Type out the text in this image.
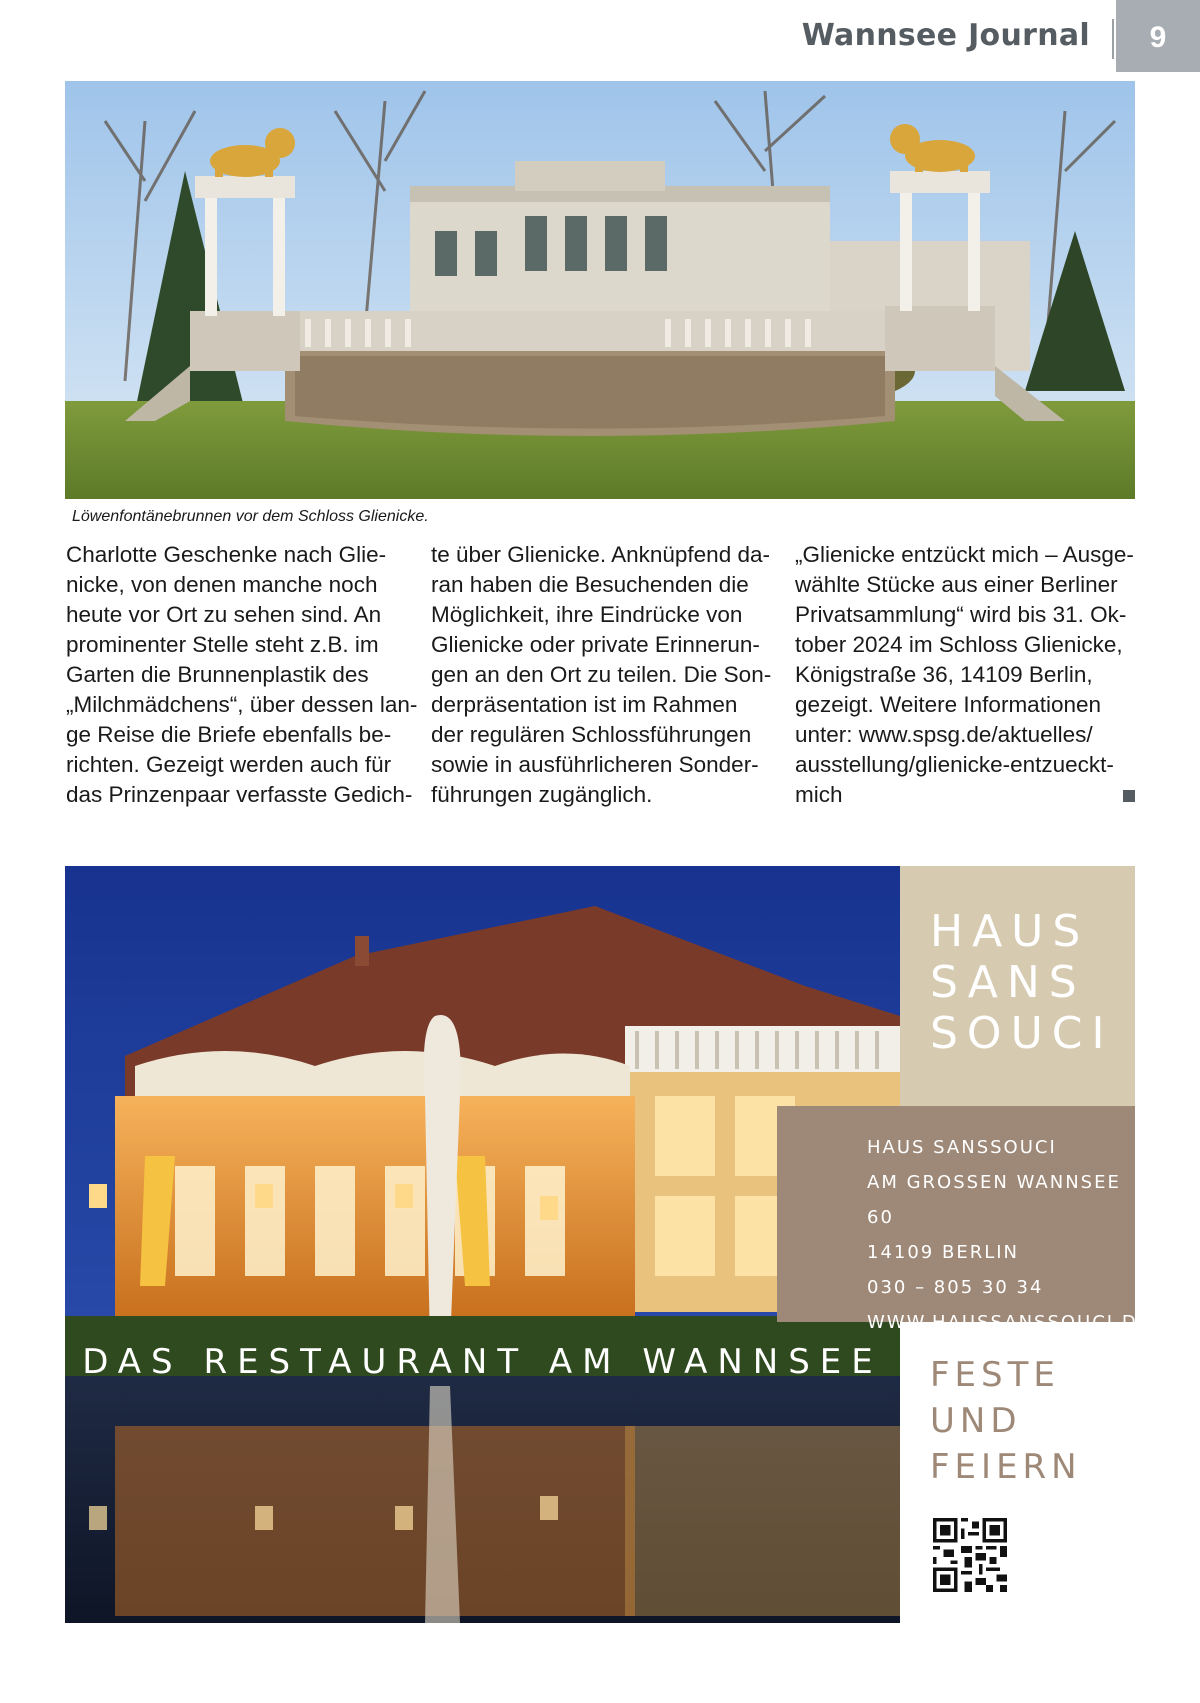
Wannsee Journal	9
Löwenfontänebrunnen vor dem Schloss Glienicke.
Charlotte Geschenke nach Glie-
nicke, von denen manche noch
heute vor Ort zu sehen sind. An
prominenter Stelle steht z.B. im
Garten die Brunnenplastik des
„Milchmädchens“, über dessen lan-
ge Reise die Briefe ebenfalls be-
richten. Gezeigt werden auch für
das Prinzenpaar verfasste Gedich-
te über Glienicke. Anknüpfend da-
ran haben die Besuchenden die
Möglichkeit, ihre Eindrücke von
Glienicke oder private Erinnerun-
gen an den Ort zu teilen. Die Son-
derpräsentation ist im Rahmen
der regulären Schlossführungen
sowie in ausführlicheren Sonder-
führungen zugänglich.
„Glienicke entzückt mich – Ausge-
wählte Stücke aus einer Berliner
Privatsammlung“ wird bis 31. Ok-
tober 2024 im Schloss Glienicke,
Königstraße 36, 14109 Berlin,
gezeigt. Weitere Informationen
unter: www.spsg.de/aktuelles/
ausstellung/glienicke-entzueckt-
mich
DAS RESTAURANT AM WANNSEE
HAUS
SANS
SOUCI
HAUS SANSSOUCI
AM GROSSEN WANNSEE 60
14109 BERLIN
030 – 805 30 34
WWW.HAUSSANSSOUCI.DE
FESTE
UND
FEIERN
